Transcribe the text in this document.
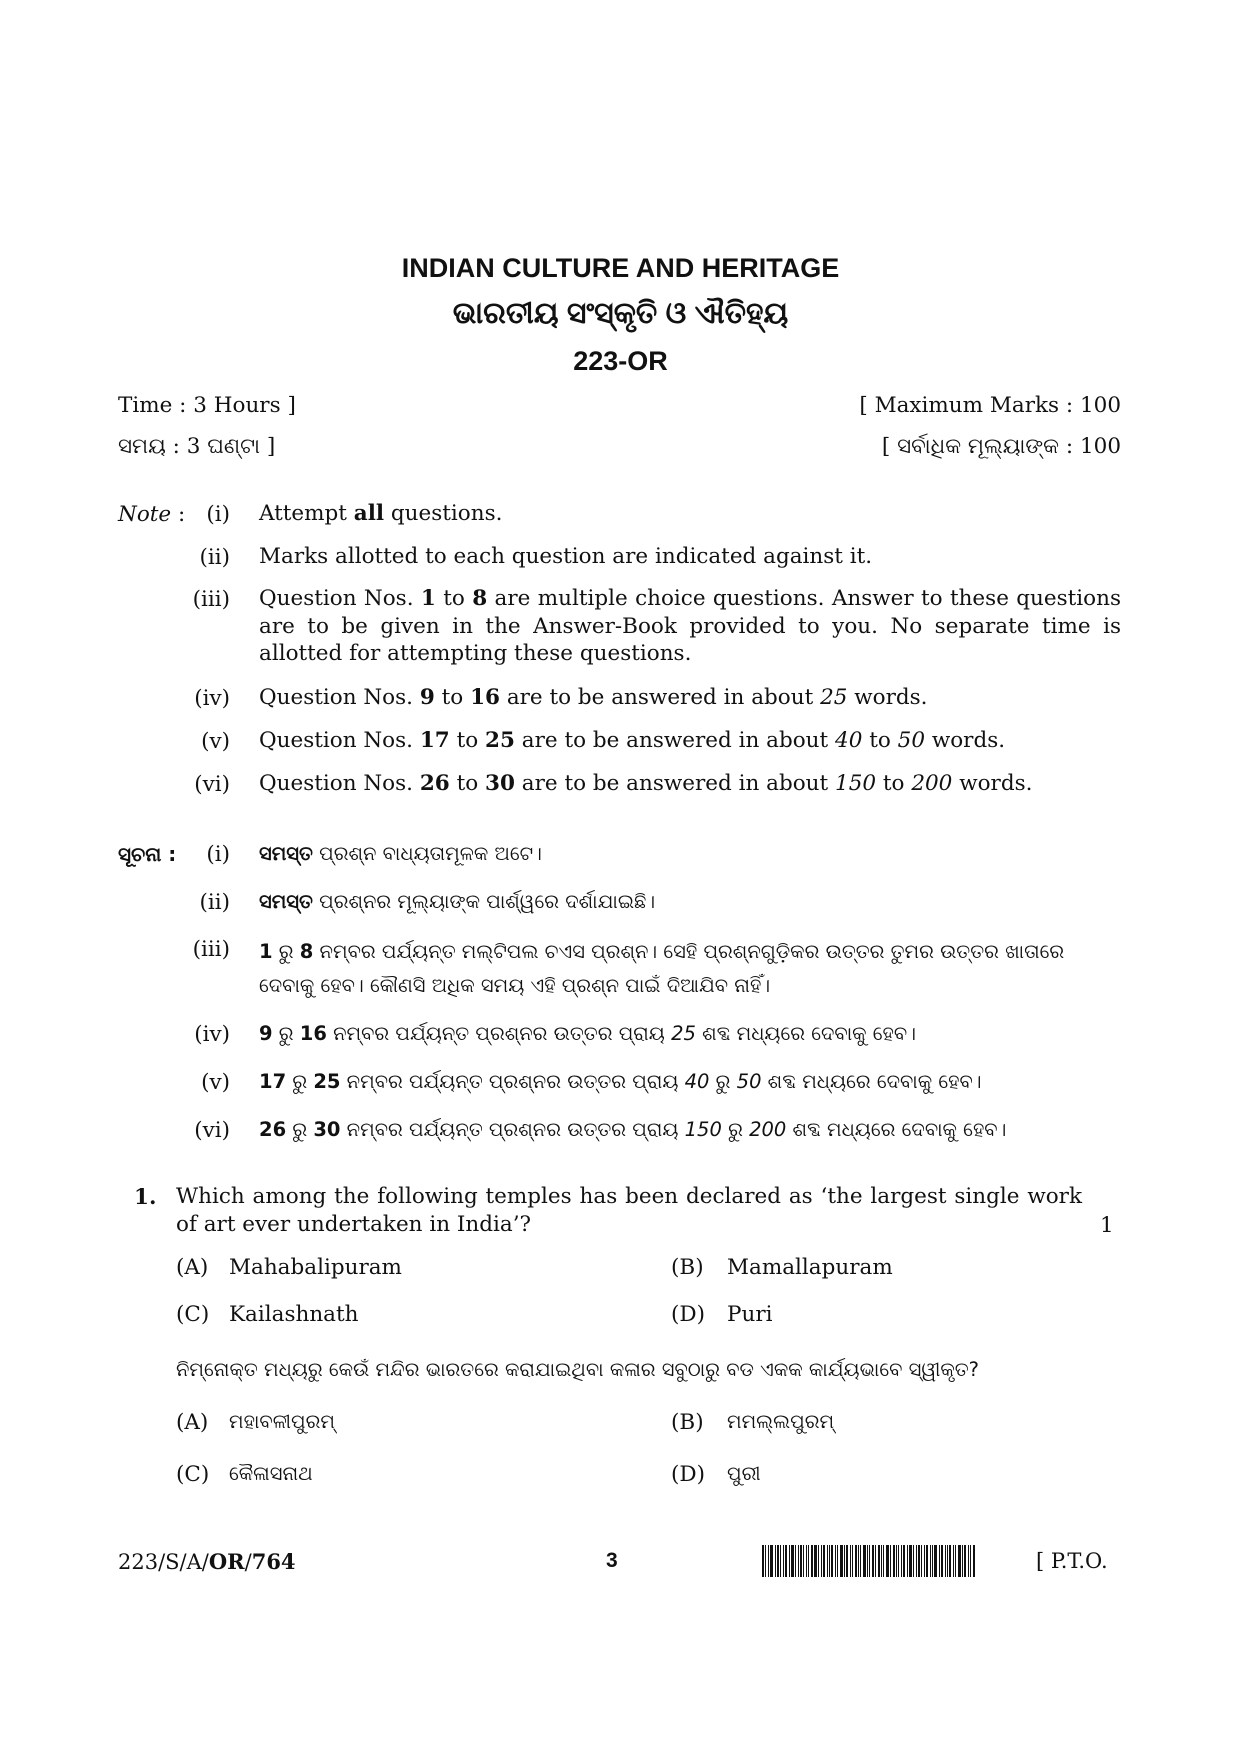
INDIAN CULTURE AND HERITAGE
ଭାରତୀୟ ସଂସ୍କୃତି ଓ ଐତିହ୍ୟ
223-OR
Time : 3 Hours ]	[ Maximum Marks : 100
ସମୟ : 3 ଘଣ୍ଟା ]	[ ସର୍ବାଧିକ ମୂଲ୍ୟାଙ୍କ : 100
Note : (i) Attempt all questions.
(ii) Marks allotted to each question are indicated against it.
(iii) Question Nos. 1 to 8 are multiple choice questions. Answer to these questions are to be given in the Answer-Book provided to you. No separate time is allotted for attempting these questions.
(iv) Question Nos. 9 to 16 are to be answered in about 25 words.
(v) Question Nos. 17 to 25 are to be answered in about 40 to 50 words.
(vi) Question Nos. 26 to 30 are to be answered in about 150 to 200 words.
ସୂଚନା :	(i) ସମସ୍ତ ପ୍ରଶ୍ନ ବାଧ୍ୟତାମୂଳକ ଅଟେ।
(ii) ସମସ୍ତ ପ୍ରଶ୍ନର ମୂଲ୍ୟାଙ୍କ ପାର୍ଶ୍ୱରେ ଦର୍ଶାଯାଇଛି।
(iii) 1 ରୁ 8 ନମ୍ବର ପର୍ଯ୍ୟନ୍ତ ମଲ୍‌ଟିପଲ ଚଏସ ପ୍ରଶ୍ନ। ସେହି ପ୍ରଶ୍ନଗୁଡ଼ିକର ଉତ୍ତର ତୁମର ଉତ୍ତର ଖାତାରେ ଦେବାକୁ ହେବ। କୌଣସି ଅଧିକ ସମୟ ଏହି ପ୍ରଶ୍ନ ପାଇଁ ଦିଆଯିବ ନାହିଁ।
(iv) 9 ରୁ 16 ନମ୍ବର ପର୍ଯ୍ୟନ୍ତ ପ୍ରଶ୍ନର ଉତ୍ତର ପ୍ରାୟ 25 ଶବ୍ଦ ମଧ୍ୟରେ ଦେବାକୁ ହେବ।
(v) 17 ରୁ 25 ନମ୍ବର ପର୍ଯ୍ୟନ୍ତ ପ୍ରଶ୍ନର ଉତ୍ତର ପ୍ରାୟ 40 ରୁ 50 ଶବ୍ଦ ମଧ୍ୟରେ ଦେବାକୁ ହେବ।
(vi) 26 ରୁ 30 ନମ୍ବର ପର୍ଯ୍ୟନ୍ତ ପ୍ରଶ୍ନର ଉତ୍ତର ପ୍ରାୟ 150 ରୁ 200 ଶବ୍ଦ ମଧ୍ୟରେ ଦେବାକୁ ହେବ।
1. Which among the following temples has been declared as ‘the largest single work of art ever undertaken in India’?	1
(A) Mahabalipuram	(B) Mamallapuram
(C) Kailashnath	(D) Puri
ନିମ୍ନୋକ୍ତ ମଧ୍ୟରୁ କେଉଁ ମନ୍ଦିର ଭାରତରେ କରାଯାଇଥିବା କଳାର ସବୁଠାରୁ ବଡ ଏକକ କାର୍ଯ୍ୟଭାବେ ସ୍ୱୀକୃତ?
(A) ମହାବଳୀପୁରମ୍	(B) ମମଲ୍ଲପୁରମ୍
(C) କୈଳାସନାଥ	(D) ପୁରୀ
223/S/A/OR/764	3	[ P.T.O.
